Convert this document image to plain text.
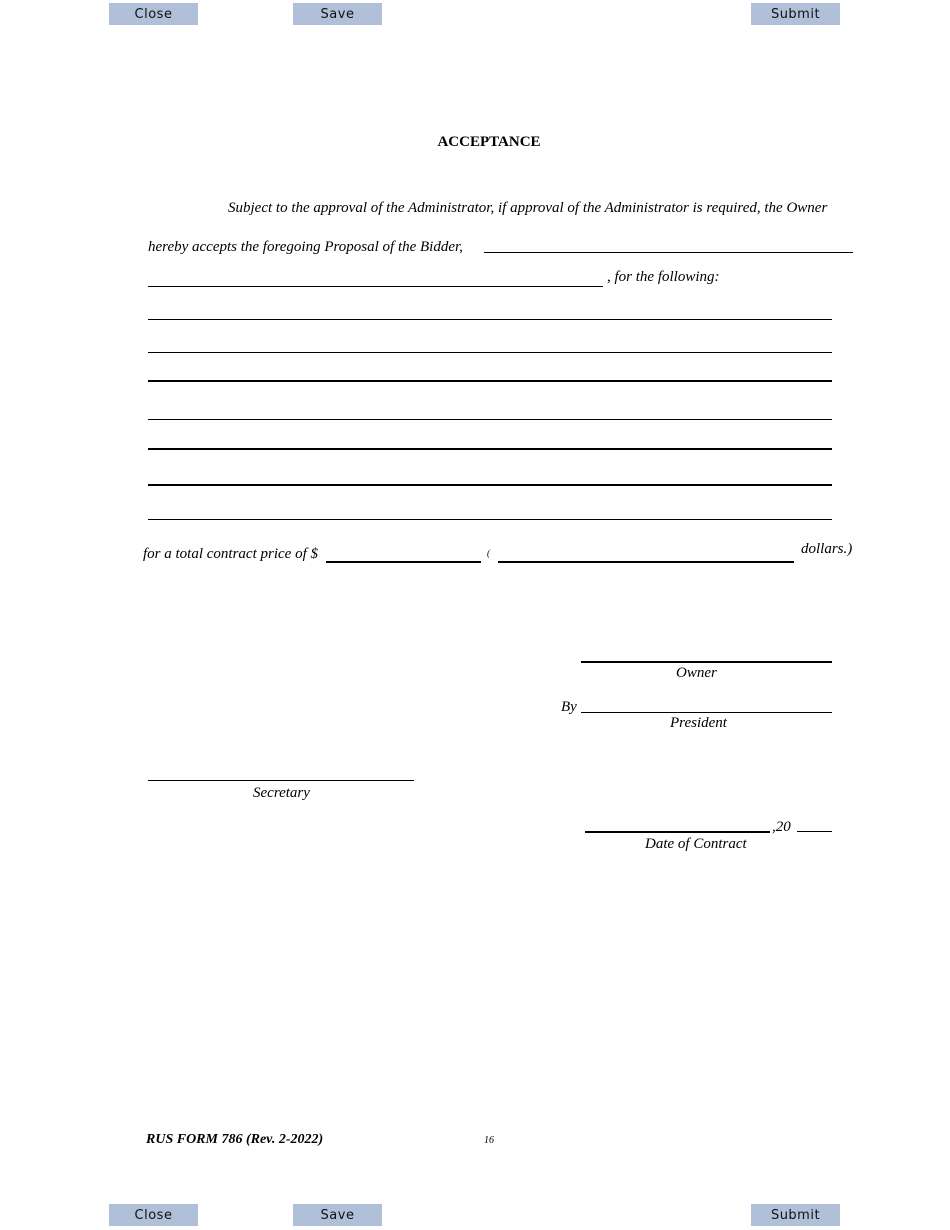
Close	Save	Submit
ACCEPTANCE
Subject to the approval of the Administrator, if approval of the Administrator is required, the Owner
hereby accepts the foregoing Proposal of the Bidder,
, for the following:
for a total contract price of $	(	dollars.)
Owner
By
President
Secretary
,20
Date of Contract
RUS FORM 786 (Rev. 2-2022)	16
Close	Save	Submit
